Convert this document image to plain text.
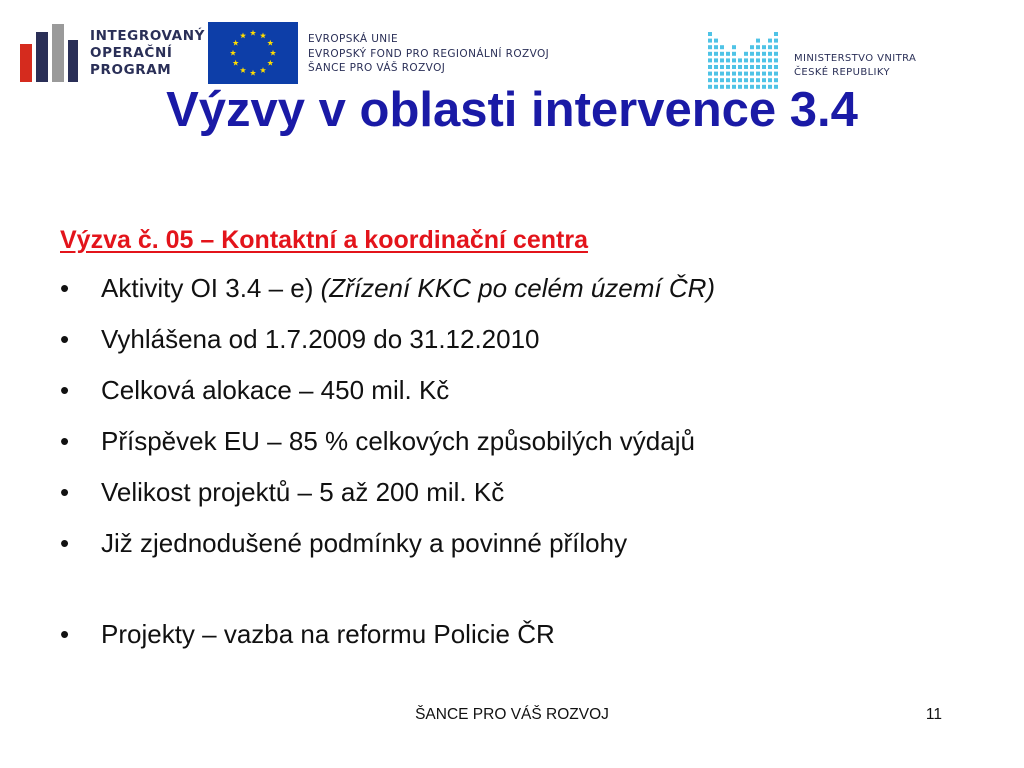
INTEGROVANÝ
OPERAČNÍ
PROGRAM
EVROPSKÁ UNIE
EVROPSKÝ FOND PRO REGIONÁLNÍ ROZVOJ
ŠANCE PRO VÁŠ ROZVOJ
MINISTERSTVO VNITRA
ČESKÉ REPUBLIKY
Výzvy v oblasti intervence 3.4

Výzva č. 05 – Kontaktní a koordinační centra

• Aktivity OI 3.4 – e) (Zřízení KKC po celém území ČR)
• Vyhlášena od 1.7.2009 do 31.12.2010
• Celková alokace – 450 mil. Kč
• Příspěvek EU – 85 % celkových způsobilých výdajů
• Velikost projektů – 5 až 200 mil. Kč
• Již zjednodušené podmínky a povinné přílohy
• Projekty – vazba na reformu Policie ČR
ŠANCE PRO VÁŠ ROZVOJ	11
